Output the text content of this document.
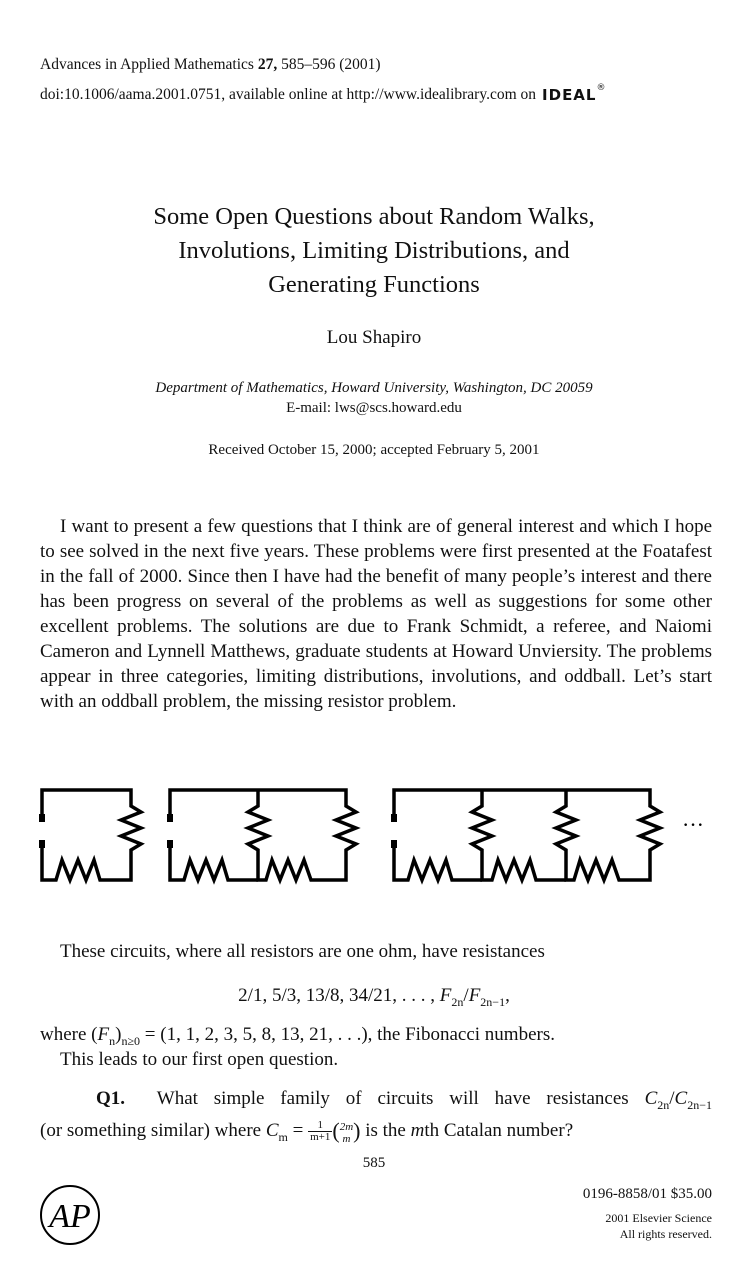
Advances in Applied Mathematics 27, 585–596 (2001)
doi:10.1006/aama.2001.0751, available online at http://www.idealibrary.com on IDEAL®
Some Open Questions about Random Walks,
Involutions, Limiting Distributions, and
Generating Functions
Lou Shapiro
Department of Mathematics, Howard University, Washington, DC 20059
E-mail: lws@scs.howard.edu
Received October 15, 2000; accepted February 5, 2001
I want to present a few questions that I think are of general interest and which I hope to see solved in the next five years. These problems were first presented at the Foatafest in the fall of 2000. Since then I have had the benefit of many people’s interest and there has been progress on several of the problems as well as suggestions for some other excellent problems. The solutions are due to Frank Schmidt, a referee, and Naiomi Cameron and Lynnell Matthews, graduate students at Howard Unviersity. The problems appear in three categories, limiting distributions, involutions, and oddball. Let’s start with an oddball problem, the missing resistor problem.
···
These circuits, where all resistors are one ohm, have resistances
2/1, 5/3, 13/8, 34/21, . . . , $F_{2n}/F_{2n-1}$,
where $(F_n)_{n\ge 0} = (1$, 1, 2, 3, 5, 8, 13, 21, . . .), the Fibonacci numbers.
This leads to our first open question.
Q1. What simple family of circuits will have resistances $C_{2n}/C_{2n-1}$
(or something similar) where $C_m = \frac{1}{m+1}$ ( 2m
m ) is the mth Catalan number?
585
AP
0196-8858/01 $35.00
2001 Elsevier Science
All rights reserved.
